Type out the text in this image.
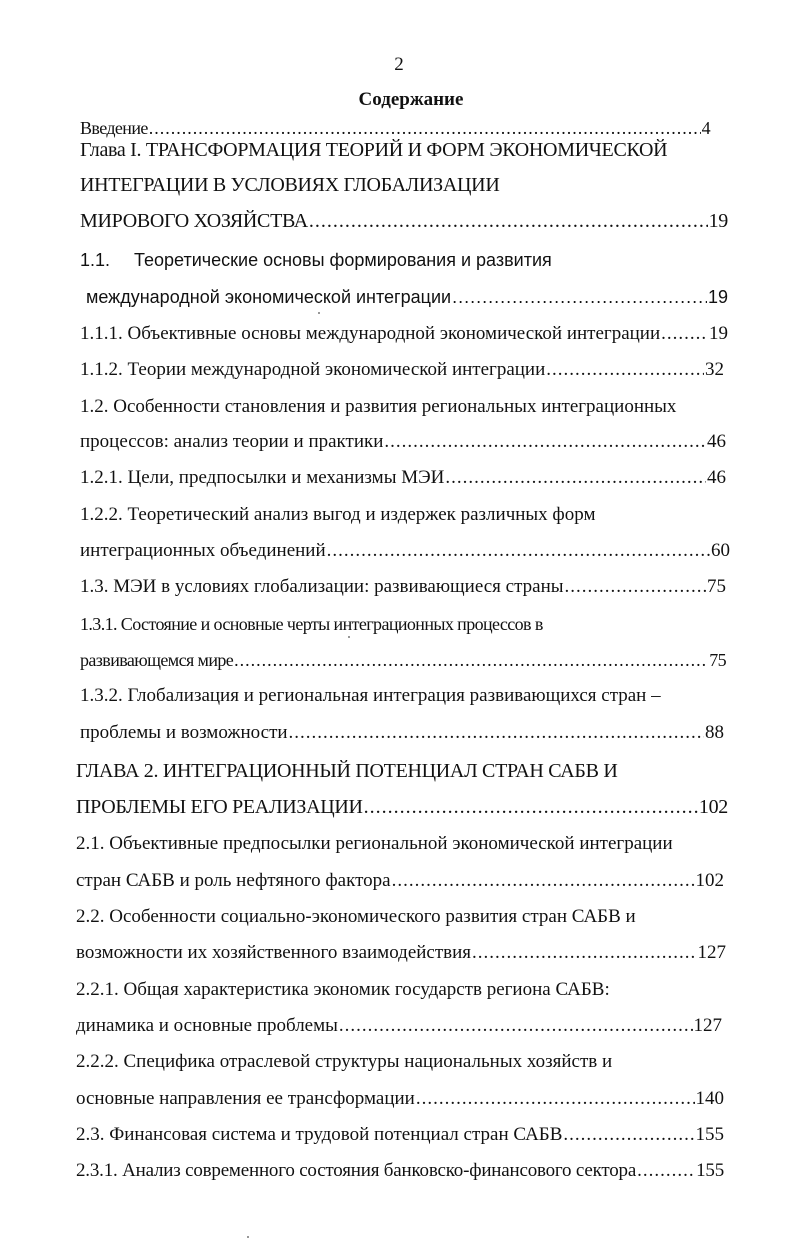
2
Содержание
Введение .....	4
Глава I. ТРАНСФОРМАЦИЯ ТЕОРИЙ И ФОРМ ЭКОНОМИЧЕСКОЙ
ИНТЕГРАЦИИ В УСЛОВИЯХ ГЛОБАЛИЗАЦИИ
МИРОВОГО ХОЗЯЙСТВА .....	19
1.1. Теоретические основы формирования и развития
международной экономической интеграции .....	19
1.1.1. Объективные основы международной экономической интеграции .....	19
1.1.2. Теории международной экономической интеграции .....	32
1.2. Особенности становления и развития региональных интеграционных
процессов: анализ теории и практики .....	46
1.2.1. Цели, предпосылки и механизмы МЭИ .....	46
1.2.2. Теоретический анализ выгод и издержек различных форм
интеграционных объединений .....	60
1.3. МЭИ в условиях глобализации: развивающиеся страны .....	75
1.3.1. Состояние и основные черты интеграционных процессов в
развивающемся мире .....	75
1.3.2. Глобализация и региональная интеграция развивающихся стран –
проблемы и возможности .....	88
ГЛАВА 2. ИНТЕГРАЦИОННЫЙ ПОТЕНЦИАЛ СТРАН САБВ И
ПРОБЛЕМЫ ЕГО РЕАЛИЗАЦИИ .....	102
2.1. Объективные предпосылки региональной экономической интеграции
стран САБВ и роль нефтяного фактора .....	102
2.2. Особенности социально-экономического развития стран САБВ и
возможности их хозяйственного взаимодействия .....	127
2.2.1. Общая характеристика экономик государств региона САБВ:
динамика и основные проблемы .....	127
2.2.2. Специфика отраслевой структуры национальных хозяйств и
основные направления ее трансформации .....	140
2.3. Финансовая система и трудовой потенциал стран САБВ .....	155
2.3.1. Анализ современного состояния банковско-финансового сектора .....	155
